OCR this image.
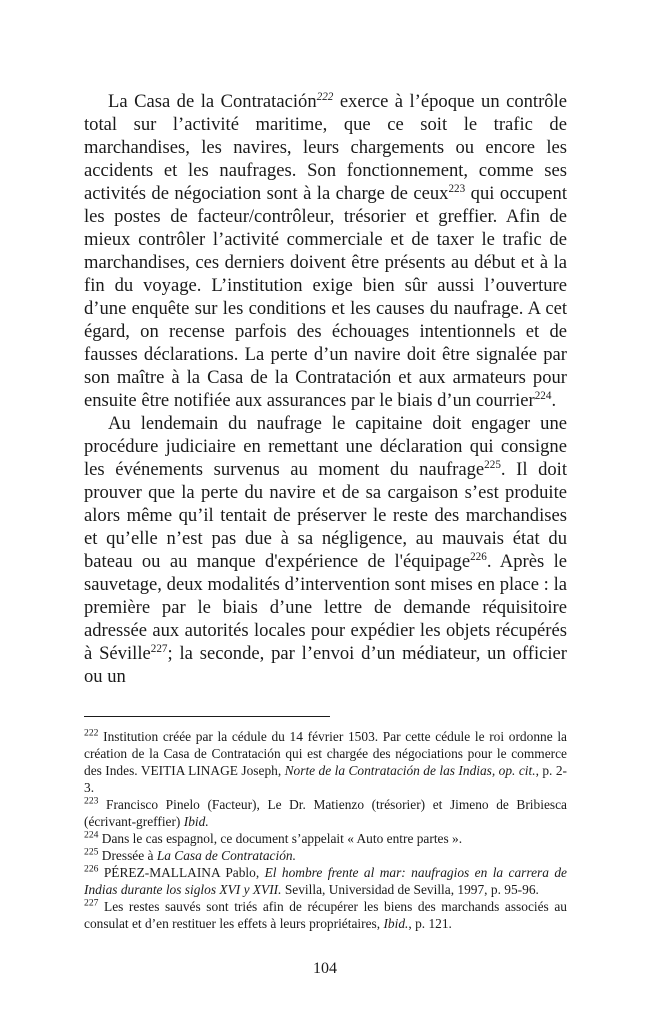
La Casa de la Contratación$^{222}$ exerce à l’époque un contrôle total sur l’activité maritime, que ce soit le trafic de marchandises, les navires, leurs chargements ou encore les accidents et les naufrages. Son fonctionnement, comme ses activités de négociation sont à la charge de ceux$^{223}$ qui occupent les postes de facteur/contrôleur, trésorier et greffier. Afin de mieux contrôler l’activité commerciale et de taxer le trafic de marchandises, ces derniers doivent être présents au début et à la fin du voyage. L’institution exige bien sûr aussi l’ouverture d’une enquête sur les conditions et les causes du naufrage. A cet égard, on recense parfois des échouages intentionnels et de fausses déclarations. La perte d’un navire doit être signalée par son maître à la Casa de la Contratación et aux armateurs pour ensuite être notifiée aux assurances par le biais d’un courrier$^{224}$.

Au lendemain du naufrage le capitaine doit engager une procédure judiciaire en remettant une déclaration qui consigne les événements survenus au moment du naufrage$^{225}$. Il doit prouver que la perte du navire et de sa cargaison s’est produite alors même qu’il tentait de préserver le reste des marchandises et qu’elle n’est pas due à sa négligence, au mauvais état du bateau ou au manque d'expérience de l'équipage$^{226}$. Après le sauvetage, deux modalités d’intervention sont mises en place : la première par le biais d’une lettre de demande réquisitoire adressée aux autorités locales pour expédier les objets récupérés à Séville$^{227}$; la seconde, par l’envoi d’un médiateur, un officier ou un

$^{222}$ Institution créée par la cédule du 14 février 1503. Par cette cédule le roi ordonne la création de la Casa de Contratación qui est chargée des négociations pour le commerce des Indes. VEITIA LINAGE Joseph, Norte de la Contratación de las Indias, op. cit., p. 2-3.

$^{223}$ Francisco Pinelo (Facteur), Le Dr. Matienzo (trésorier) et Jimeno de Bribiesca (écrivant-greffier) Ibid.

$^{224}$ Dans le cas espagnol, ce document s’appelait « Auto entre partes ».

$^{225}$ Dressée à La Casa de Contratación.

$^{226}$ PÉREZ-MALLAINA Pablo, El hombre frente al mar: naufragios en la carrera de Indias durante los siglos XVI y XVII. Sevilla, Universidad de Sevilla, 1997, p. 95-96.

$^{227}$ Les restes sauvés sont triés afin de récupérer les biens des marchands associés au consulat et d’en restituer les effets à leurs propriétaires, Ibid., p. 121.

104
